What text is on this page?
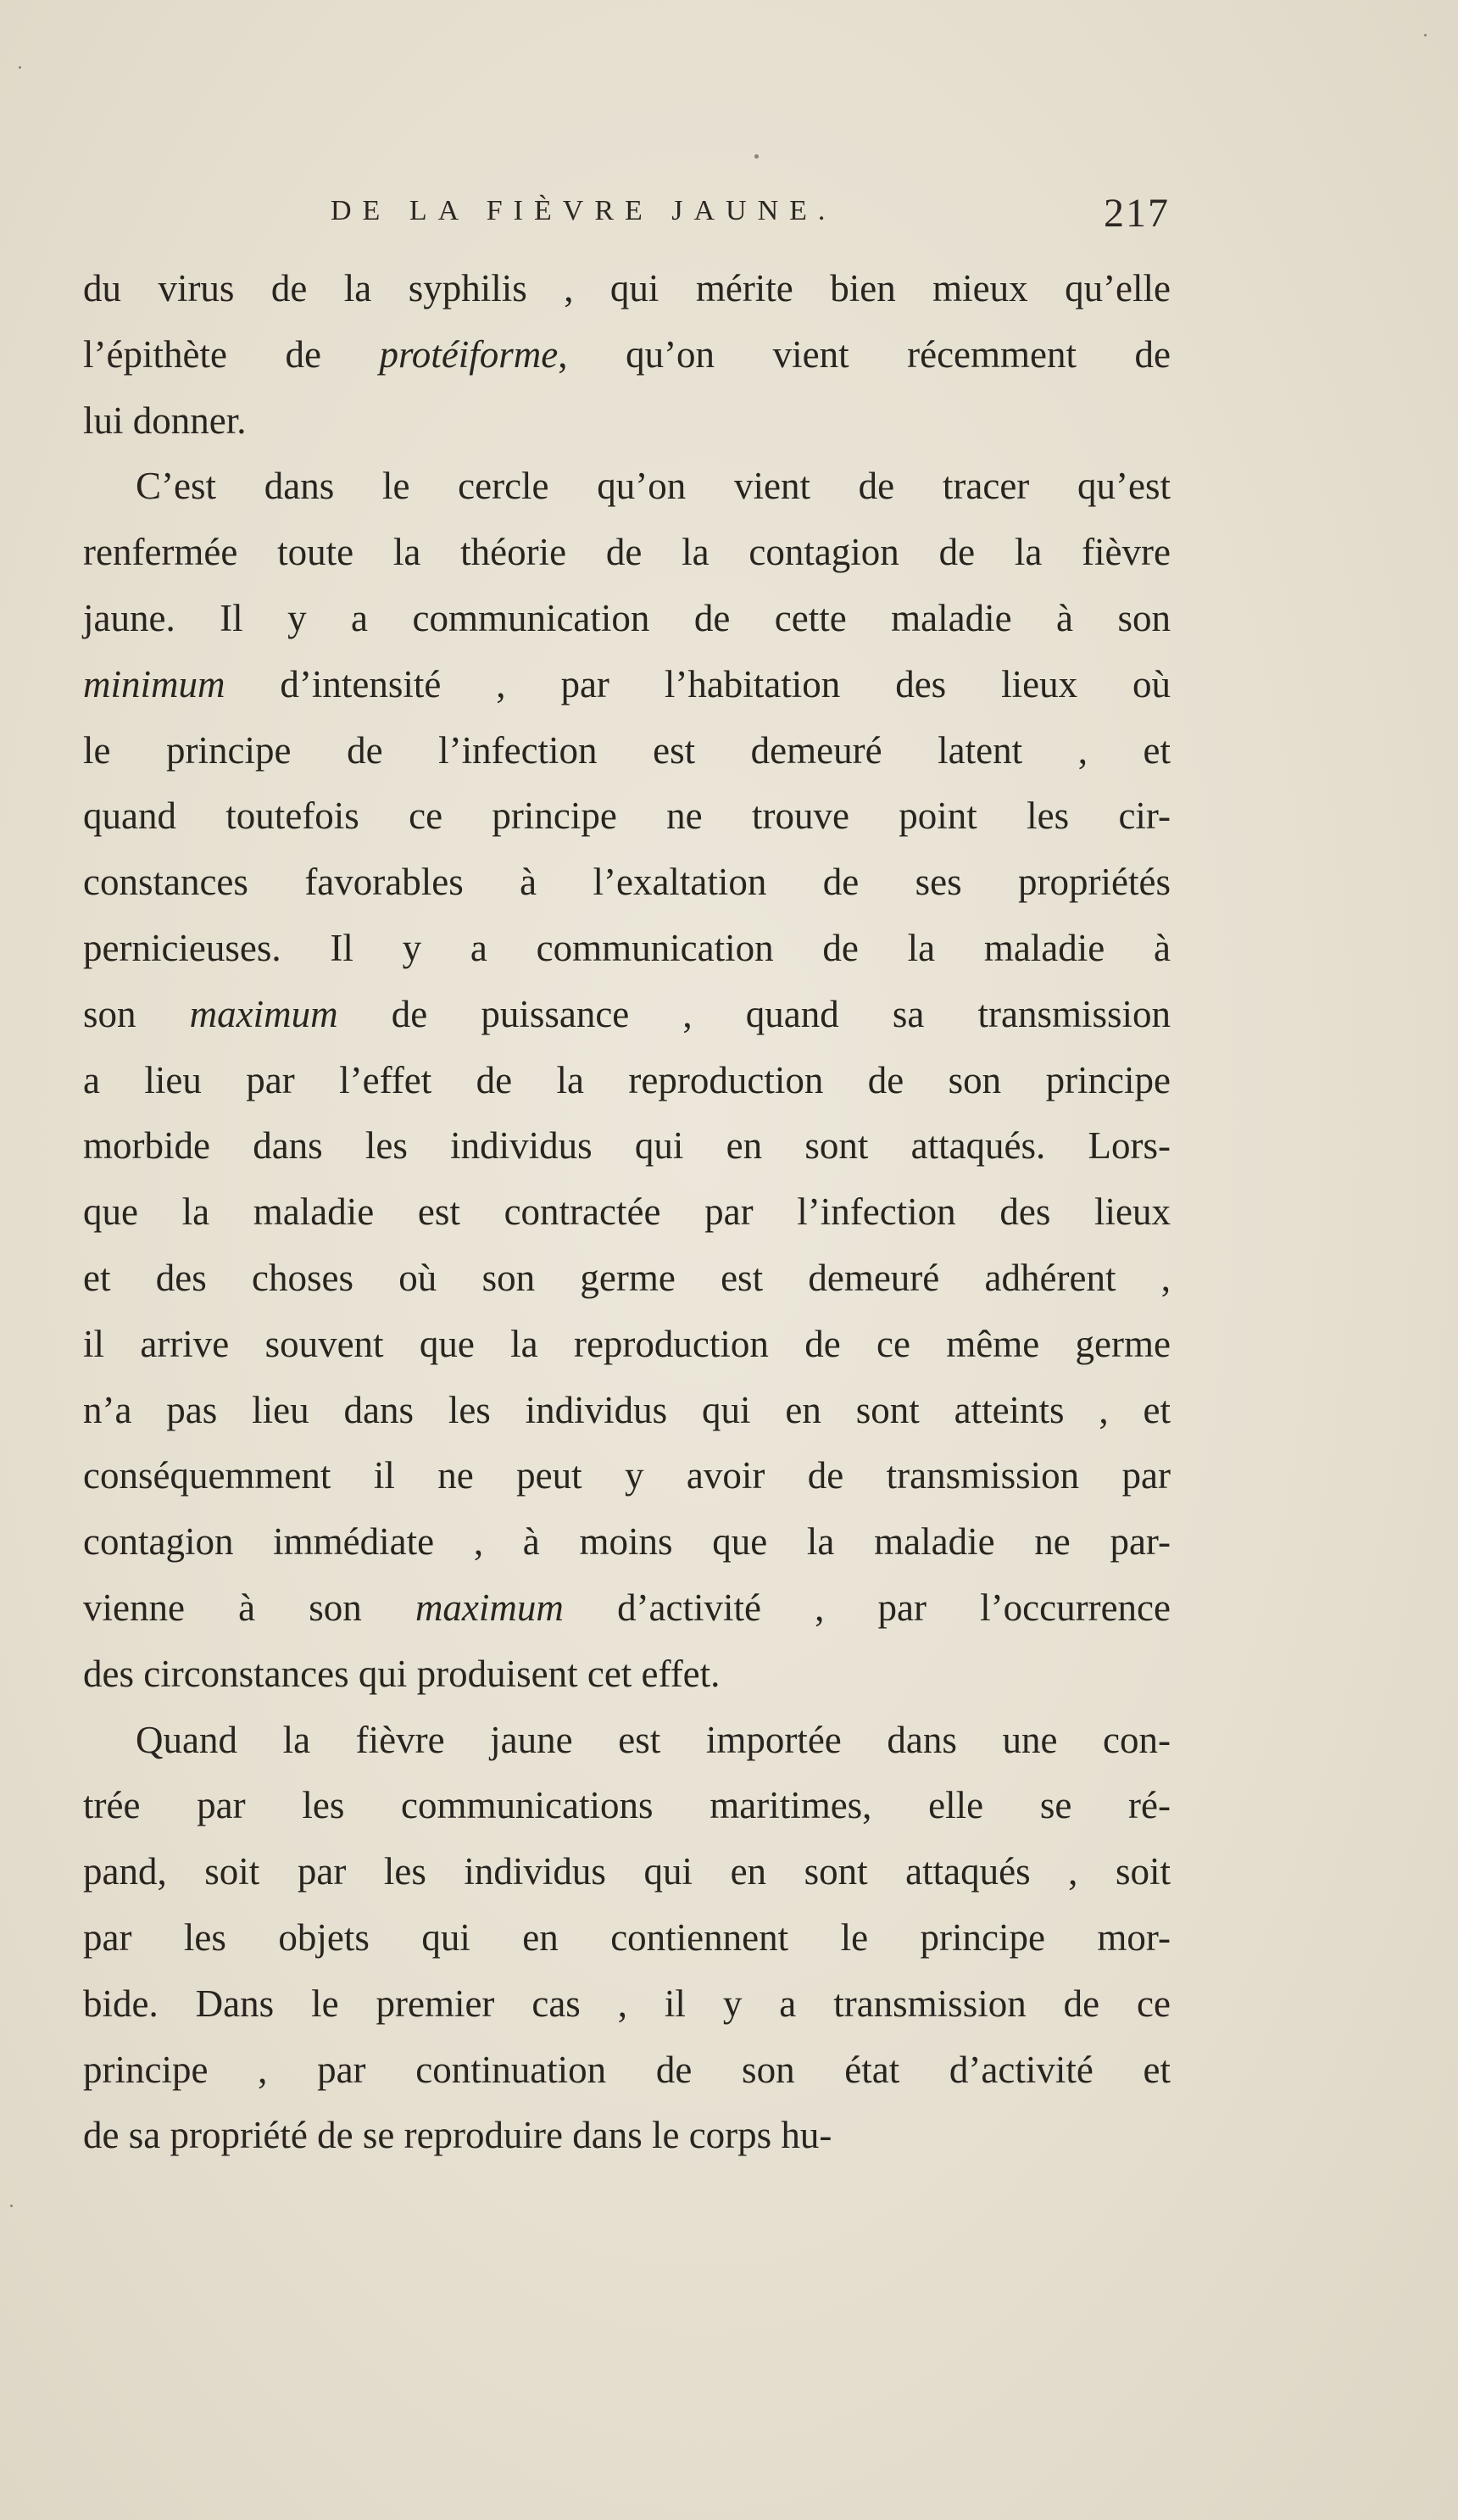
DE LA FIÈVRE JAUNE.	217
du virus de la syphilis , qui mérite bien mieux qu’elle
l’épithète de protéiforme, qu’on vient récemment de
lui donner.
C’est dans le cercle qu’on vient de tracer qu’est
renfermée toute la théorie de la contagion de la fièvre
jaune. Il y a communication de cette maladie à son
minimum d’intensité , par l’habitation des lieux où
le principe de l’infection est demeuré latent , et
quand toutefois ce principe ne trouve point les cir-
constances favorables à l’exaltation de ses propriétés
pernicieuses. Il y a communication de la maladie à
son maximum de puissance , quand sa transmission
a lieu par l’effet de la reproduction de son principe
morbide dans les individus qui en sont attaqués. Lors-
que la maladie est contractée par l’infection des lieux
et des choses où son germe est demeuré adhérent ,
il arrive souvent que la reproduction de ce même germe
n’a pas lieu dans les individus qui en sont atteints , et
conséquemment il ne peut y avoir de transmission par
contagion immédiate , à moins que la maladie ne par-
vienne à son maximum d’activité , par l’occurrence
des circonstances qui produisent cet effet.
Quand la fièvre jaune est importée dans une con-
trée par les communications maritimes, elle se ré-
pand, soit par les individus qui en sont attaqués , soit
par les objets qui en contiennent le principe mor-
bide. Dans le premier cas , il y a transmission de ce
principe , par continuation de son état d’activité et
de sa propriété de se reproduire dans le corps hu-
